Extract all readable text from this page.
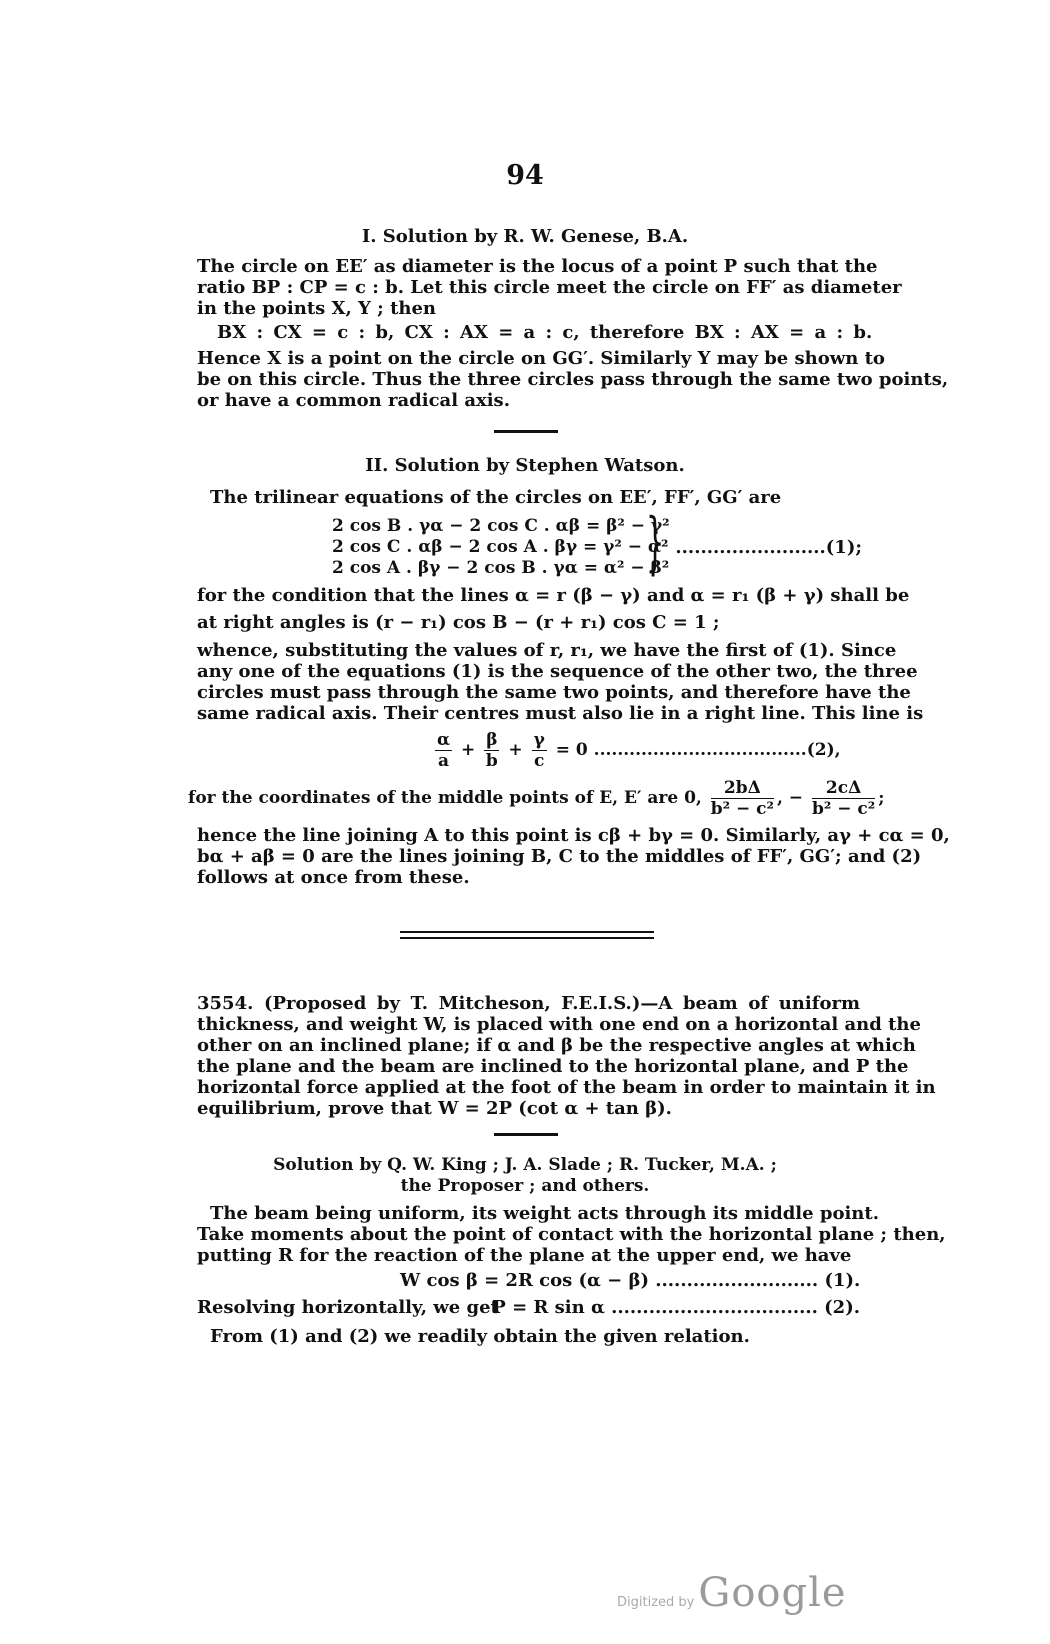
94
I. Solution by R. W. Genese, B.A.
The circle on EE′ as diameter is the locus of a point P such that the
ratio BP : CP = c : b. Let this circle meet the circle on FF′ as diameter
in the points X, Y ; then
BX : CX = c : b, CX : AX = a : c, therefore BX : AX = a : b.
Hence X is a point on the circle on GG′. Similarly Y may be shown to
be on this circle. Thus the three circles pass through the same two points,
or have a common radical axis.
II. Solution by Stephen Watson.
The trilinear equations of the circles on EE′, FF′, GG′ are
2 cos B . γα − 2 cos C . αβ = β² − γ²
2 cos C . αβ − 2 cos A . βγ = γ² − α²
2 cos A . βγ − 2 cos B . γα = α² − β²
} ........................(1);
for the condition that the lines α = r (β − γ) and α = r₁ (β + γ) shall be
at right angles is (r − r₁) cos B − (r + r₁) cos C = 1 ;
whence, substituting the values of r, r₁, we have the first of (1). Since
any one of the equations (1) is the sequence of the other two, the three
circles must pass through the same two points, and therefore have the
same radical axis. Their centres must also lie in a right line. This line is
$\frac{\alpha}{a} + \frac{\beta}{b} + \frac{\gamma}{c} = 0$ ....................................(2),
for the coordinates of the middle points of E, E′ are 0, $\frac{2b\Delta}{\text{b² − c²}}$ , − $\frac{2c\Delta}{\text{b² − c²}}$ ;
hence the line joining A to this point is cβ + bγ = 0. Similarly, aγ + cα = 0,
bα + aβ = 0 are the lines joining B, C to the middles of FF′, GG′; and (2)
follows at once from these.
3554. (Proposed by T. Mitcheson, F.E.I.S.)—A beam of uniform
thickness, and weight W, is placed with one end on a horizontal and the
other on an inclined plane; if α and β be the respective angles at which
the plane and the beam are inclined to the horizontal plane, and P the
horizontal force applied at the foot of the beam in order to maintain it in
equilibrium, prove that W = 2P (cot α + tan β).
Solution by Q. W. King ; J. A. Slade ; R. Tucker, M.A. ;
the Proposer ; and others.
The beam being uniform, its weight acts through its middle point.
Take moments about the point of contact with the horizontal plane ; then,
putting R for the reaction of the plane at the upper end, we have
W cos β = 2R cos (α − β) .......................... (1).
Resolving horizontally, we get
P = R sin α ................................. (2).
From (1) and (2) we readily obtain the given relation.
Digitized by Google
